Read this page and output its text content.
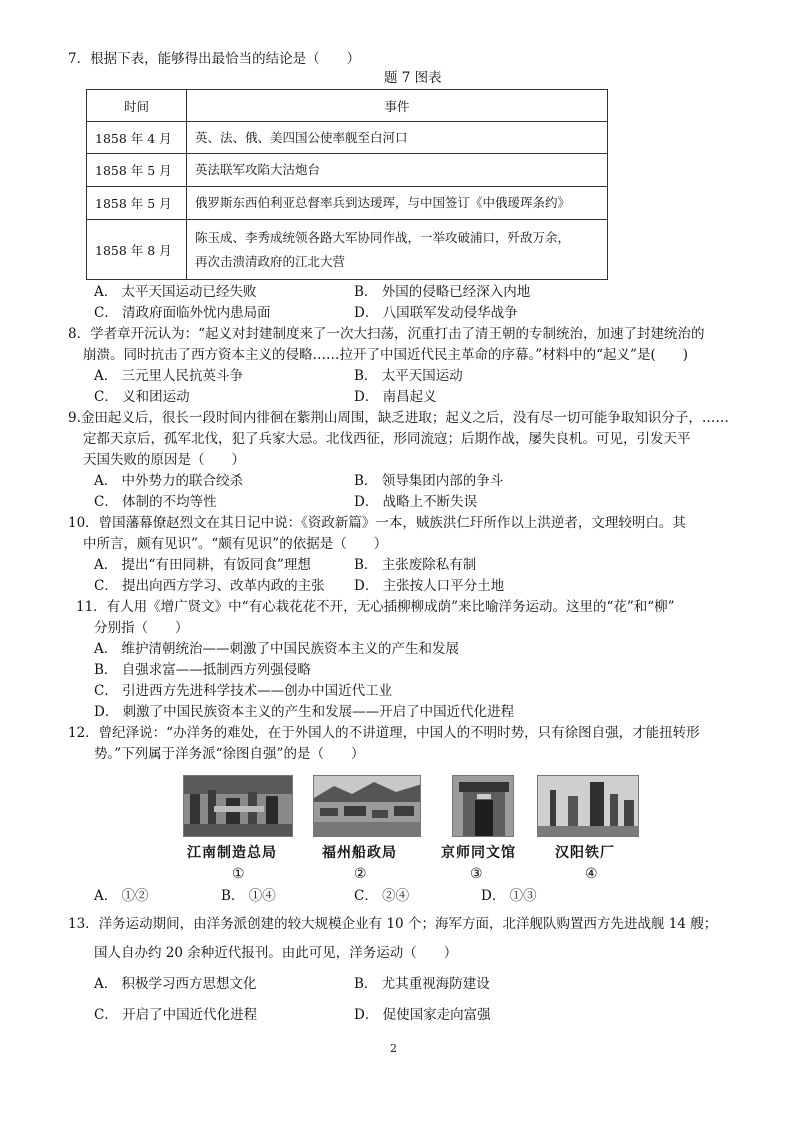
7．根据下表，能够得出最恰当的结论是（　　）
题 7 图表
时间	事件
1858 年 4 月	英、法、俄、美四国公使率舰至白河口
1858 年 5 月	英法联军攻陷大沽炮台
1858 年 5 月	俄罗斯东西伯利亚总督率兵到达瑷珲，与中国签订《中俄瑷珲条约》
1858 年 8 月	陈玉成、李秀成统领各路大军协同作战，一举攻破浦口，歼敌万余，
再次击溃清政府的江北大营
A． 太平天国运动已经失败	B． 外国的侵略已经深入内地
C． 清政府面临外忧内患局面	D． 八国联军发动侵华战争
8．学者章开沅认为：“起义对封建制度来了一次大扫荡，沉重打击了清王朝的专制统治，加速了封建统治的
崩溃。同时抗击了西方资本主义的侵略……拉开了中国近代民主革命的序幕。”材料中的“起义”是(　　)
A． 三元里人民抗英斗争	B． 太平天国运动
C． 义和团运动	D． 南昌起义
9.金田起义后，很长一段时间内徘徊在紫荆山周围，缺乏进取；起义之后，没有尽一切可能争取知识分子，……
定都天京后，孤军北伐，犯了兵家大忌。北伐西征，形同流寇；后期作战，屡失良机。可见，引发天平
天国失败的原因是（　　）
A． 中外势力的联合绞杀	B． 领导集团内部的争斗
C． 体制的不均等性	D． 战略上不断失误
10．曾国藩幕僚赵烈文在其日记中说：《资政新篇》一本，贼族洪仁玕所作以上洪逆者，文理较明白。其
中所言，颇有见识”。“颇有见识”的依据是（　　）
A． 提出“有田同耕，有饭同食”理想	B． 主张废除私有制
C． 提出向西方学习、改革内政的主张 D． 主张按人口平分土地
11．有人用《增广贤文》中“有心栽花花不开，无心插柳柳成荫”来比喻洋务运动。这里的“花”和“柳”
分别指（　　）
A． 维护清朝统治——刺激了中国民族资本主义的产生和发展
B． 自强求富——抵制西方列强侵略
C． 引进西方先进科学技术——创办中国近代工业
D． 刺激了中国民族资本主义的产生和发展——开启了中国近代化进程
12．曾纪泽说：“办洋务的难处，在于外国人的不讲道理，中国人的不明时势，只有徐图自强，才能扭转形
势。”下列属于洋务派“徐图自强”的是（　　）
江南制造总局	福州船政局	京师同文馆	汉阳铁厂
①	②	③	④
A． ①②	B． ①④	C． ②④	D． ①③
13．洋务运动期间，由洋务派创建的较大规模企业有 10 个；海军方面，北洋舰队购置西方先进战舰 14 艘；
国人自办约 20 余种近代报刊。由此可见，洋务运动（　　）
A． 积极学习西方思想文化	B． 尤其重视海防建设
C． 开启了中国近代化进程	D． 促使国家走向富强
2
